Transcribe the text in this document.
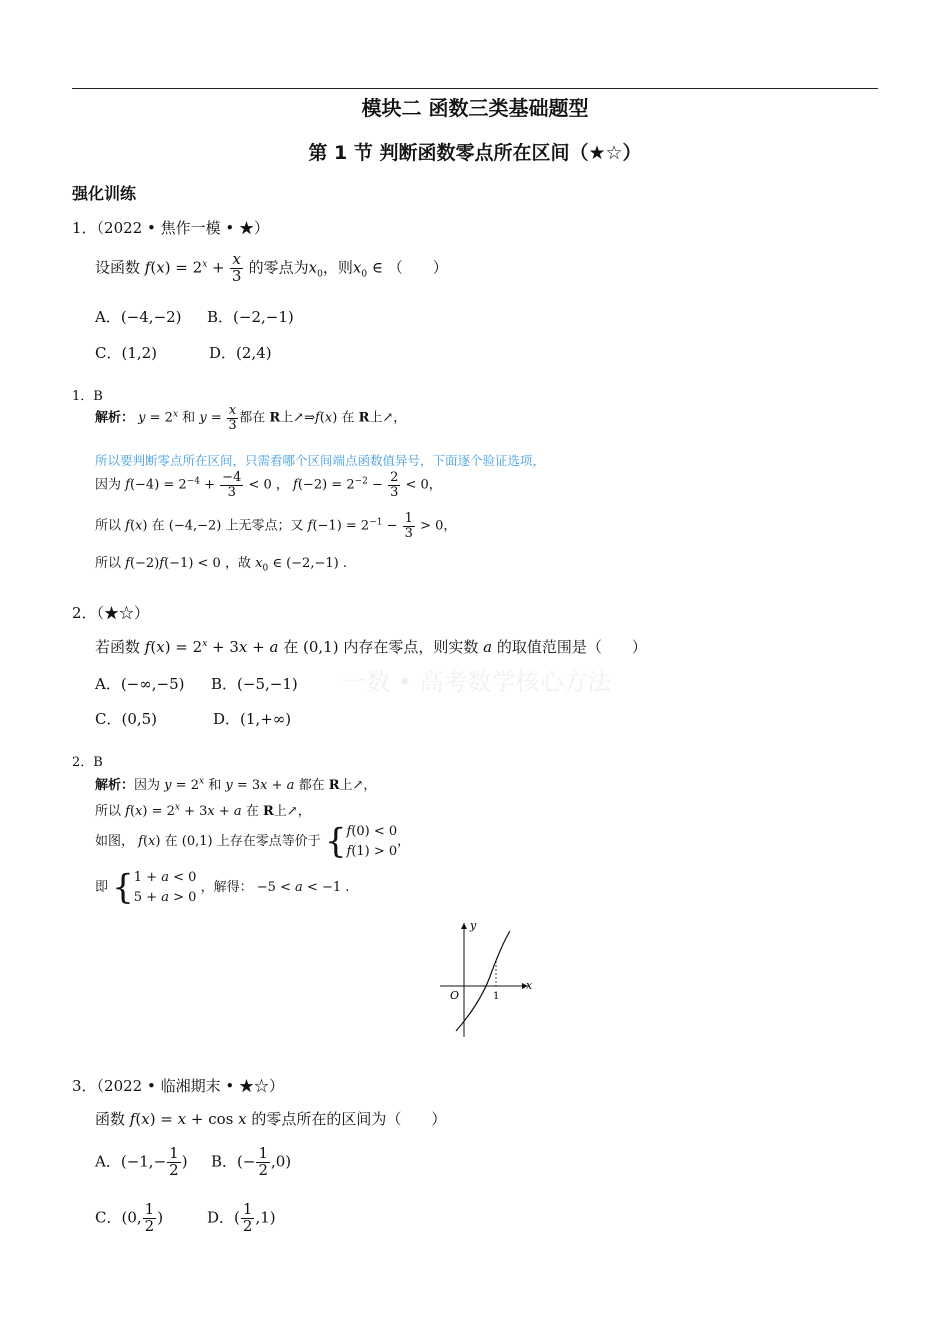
模块二 函数三类基础题型
第 1 节 判断函数零点所在区间（★☆）
强化训练
一数 • 高考数学核心方法
1．（2022 • 焦作一模 • ★）
设函数 $f(x) = 2^x + \frac{x}{3}$ 的零点为$x_0$，则$x_0$ ∈ （　　）
A．(−4,−2) B．(−2,−1)
C．(1,2)	D．(2,4)
1．B
解析： $y = 2^x$ 和 $y = \frac{x}{3}$ 都在 R上↗⇒f(x) 在 R上↗，
所以要判断零点所在区间，只需看哪个区间端点函数值异号，下面逐个验证选项，
因为 $f(-4) = 2^{-4} + \frac{-4}{3} < 0$ ， $f(-2) = 2^{-2} - \frac{2}{3} < 0$，
所以 f(x) 在 (−4,−2) 上无零点；又 $f(-1) = 2^{-1} - \frac{1}{3} > 0$，
所以 f(−2)f(−1) < 0 ，故 $x_0$ ∈ (−2,−1) .
2．（★☆）
若函数 $f(x) = 2^x + 3x + a$ 在 (0,1) 内存在零点，则实数 a 的取值范围是（　　）
A．(−∞,−5) B．(−5,−1)
C．(0,5)	D．(1,+∞)
2．B
解析：因为 $y = 2^x$ 和 y = 3x + a 都在 R上↗，
所以 $f(x) = 2^x + 3x + a$ 在 R上↗，
如图， f(x) 在 (0,1) 上存在零点等价于 {f(0) < 0
f(1) > 0，
即 {1 + a < 0
5 + a > 0 ，解得： −5 < a < −1 .
y
x
O	1
3．（2022 • 临湘期末 • ★☆）
函数 f(x) = x + cos x 的零点所在的区间为（　　）
A．($-1,- \frac{1}{2}$ ) B．(− $\frac{1}{2} ,0$)
C．(0, $\frac{1}{2}$ )	D．( $\frac{1}{2} ,1$)
